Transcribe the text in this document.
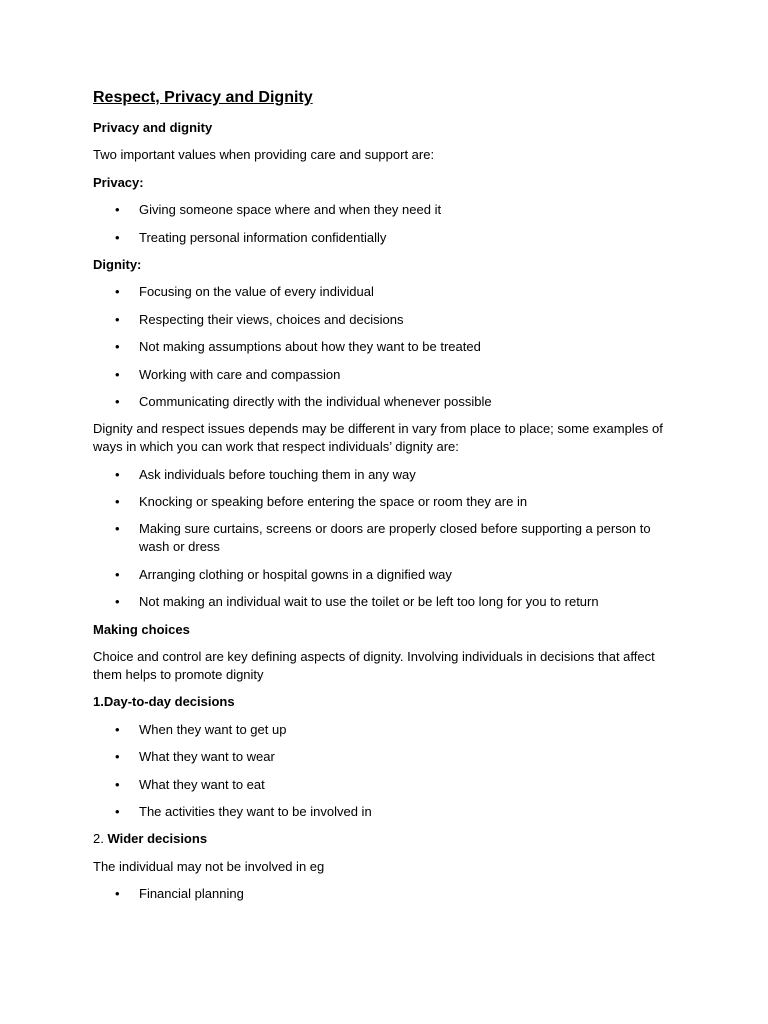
Respect, Privacy and Dignity
Privacy and dignity
Two important values when providing care and support are:
Privacy:
• Giving someone space where and when they need it
• Treating personal information confidentially
Dignity:
• Focusing on the value of every individual
• Respecting their views, choices and decisions
• Not making assumptions about how they want to be treated
• Working with care and compassion
• Communicating directly with the individual whenever possible
Dignity and respect issues depends may be different in vary from place to place; some examples of ways in which you can work that respect individuals’ dignity are:
• Ask individuals before touching them in any way
• Knocking or speaking before entering the space or room they are in
• Making sure curtains, screens or doors are properly closed before supporting a person to wash or dress
• Arranging clothing or hospital gowns in a dignified way
• Not making an individual wait to use the toilet or be left too long for you to return
Making choices
Choice and control are key defining aspects of dignity. Involving individuals in decisions that affect them helps to promote dignity
1.Day-to-day decisions
• When they want to get up
• What they want to wear
• What they want to eat
• The activities they want to be involved in
2. Wider decisions
The individual may not be involved in eg
• Financial planning
